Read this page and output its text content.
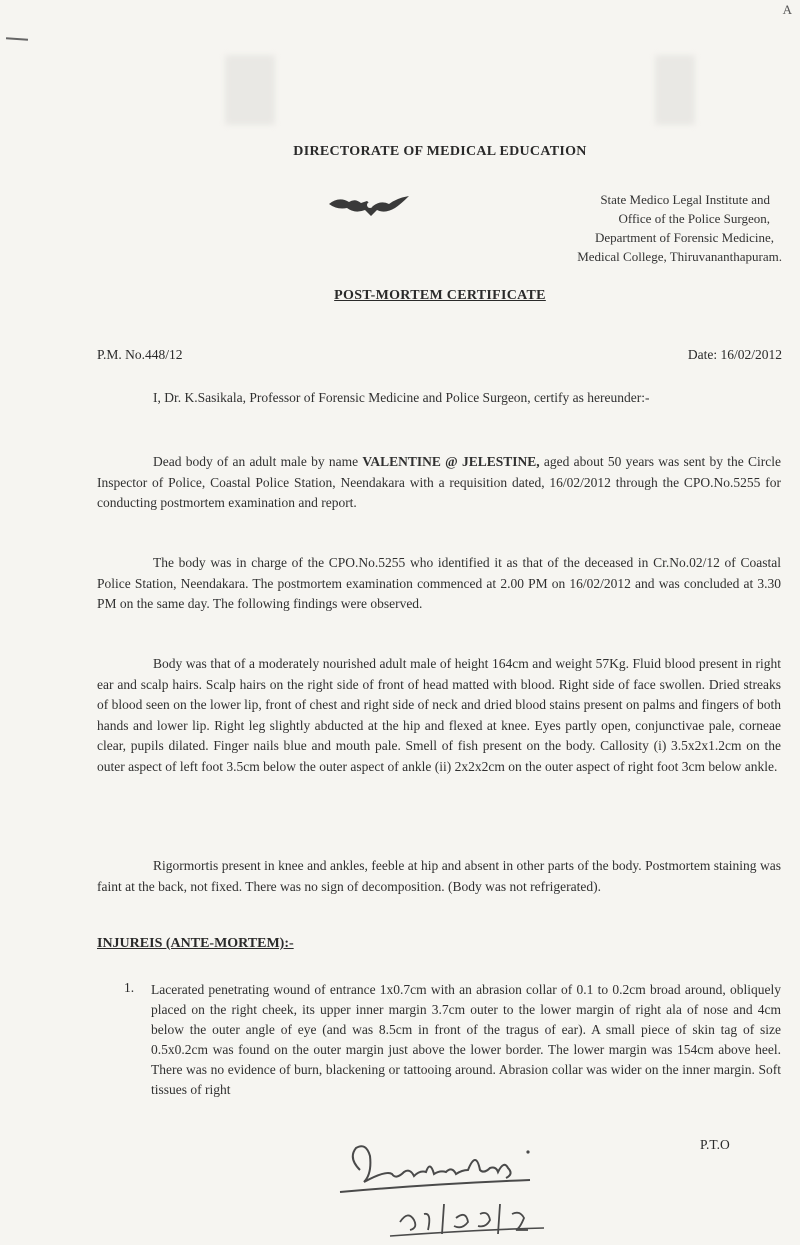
A
DIRECTORATE OF MEDICAL EDUCATION
State Medico Legal Institute and
Office of the Police Surgeon,
Department of Forensic Medicine,
Medical College, Thiruvananthapuram.
POST-MORTEM CERTIFICATE
P.M. No.448/12	Date: 16/02/2012
I, Dr. K.Sasikala, Professor of Forensic Medicine and Police Surgeon, certify as hereunder:-
Dead body of an adult male by name VALENTINE @ JELESTINE, aged about 50 years was sent by the Circle Inspector of Police, Coastal Police Station, Neendakara with a requisition dated, 16/02/2012 through the CPO.No.5255 for conducting postmortem examination and report.
The body was in charge of the CPO.No.5255 who identified it as that of the deceased in Cr.No.02/12 of Coastal Police Station, Neendakara. The postmortem examination commenced at 2.00 PM on 16/02/2012 and was concluded at 3.30 PM on the same day. The following findings were observed.
Body was that of a moderately nourished adult male of height 164cm and weight 57Kg. Fluid blood present in right ear and scalp hairs. Scalp hairs on the right side of front of head matted with blood. Right side of face swollen. Dried streaks of blood seen on the lower lip, front of chest and right side of neck and dried blood stains present on palms and fingers of both hands and lower lip. Right leg slightly abducted at the hip and flexed at knee. Eyes partly open, conjunctivae pale, corneae clear, pupils dilated. Finger nails blue and mouth pale. Smell of fish present on the body. Callosity (i) 3.5x2x1.2cm on the outer aspect of left foot 3.5cm below the outer aspect of ankle (ii) 2x2x2cm on the outer aspect of right foot 3cm below ankle.
Rigormortis present in knee and ankles, feeble at hip and absent in other parts of the body. Postmortem staining was faint at the back, not fixed. There was no sign of decomposition. (Body was not refrigerated).
INJUREIS (ANTE-MORTEM):-
1. Lacerated penetrating wound of entrance 1x0.7cm with an abrasion collar of 0.1 to 0.2cm broad around, obliquely placed on the right cheek, its upper inner margin 3.7cm outer to the lower margin of right ala of nose and 4cm below the outer angle of eye (and was 8.5cm in front of the tragus of ear). A small piece of skin tag of size 0.5x0.2cm was found on the outer margin just above the lower border. The lower margin was 154cm above heel. There was no evidence of burn, blackening or tattooing around. Abrasion collar was wider on the inner margin. Soft tissues of right
P.T.O
